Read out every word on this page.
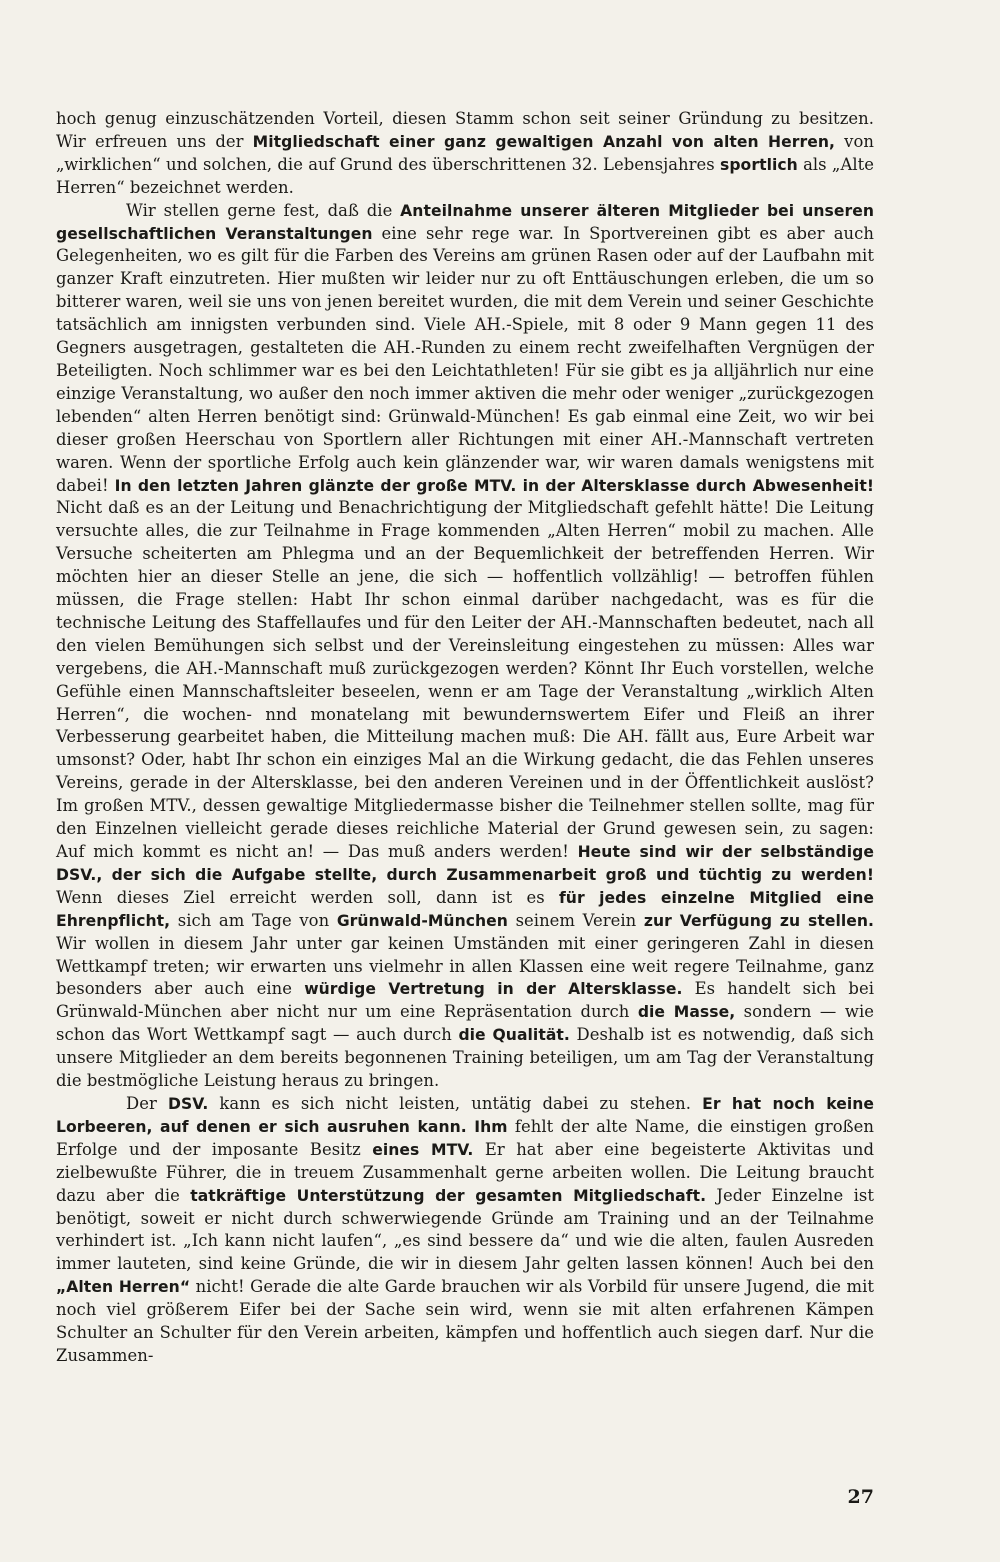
hoch genug einzuschätzenden Vorteil, diesen Stamm schon seit seiner Gründung zu besitzen. Wir erfreuen uns der Mitgliedschaft einer ganz gewaltigen Anzahl von alten Herren, von „wirklichen“ und solchen, die auf Grund des überschrittenen 32. Lebensjahres sportlich als „Alte Herren“ bezeichnet werden.

Wir stellen gerne fest, daß die Anteilnahme unserer älteren Mitglieder bei unseren gesellschaftlichen Veranstaltungen eine sehr rege war. In Sportvereinen gibt es aber auch Gelegenheiten, wo es gilt für die Farben des Vereins am grünen Rasen oder auf der Laufbahn mit ganzer Kraft einzutreten. Hier mußten wir leider nur zu oft Enttäuschungen erleben, die um so bitterer waren, weil sie uns von jenen bereitet wurden, die mit dem Verein und seiner Geschichte tatsächlich am innigsten verbunden sind. Viele AH.-Spiele, mit 8 oder 9 Mann gegen 11 des Gegners ausgetragen, gestalteten die AH.-Runden zu einem recht zweifelhaften Vergnügen der Beteiligten. Noch schlimmer war es bei den Leichtathleten! Für sie gibt es ja alljährlich nur eine einzige Veranstaltung, wo außer den noch immer aktiven die mehr oder weniger „zurückgezogen lebenden“ alten Herren benötigt sind: Grünwald-München! Es gab einmal eine Zeit, wo wir bei dieser großen Heerschau von Sportlern aller Richtungen mit einer AH.-Mannschaft vertreten waren. Wenn der sportliche Erfolg auch kein glänzender war, wir waren damals wenigstens mit dabei! In den letzten Jahren glänzte der große MTV. in der Altersklasse durch Abwesenheit! Nicht daß es an der Leitung und Benachrichtigung der Mitgliedschaft gefehlt hätte! Die Leitung versuchte alles, die zur Teilnahme in Frage kommenden „Alten Herren“ mobil zu machen. Alle Versuche scheiterten am Phlegma und an der Bequemlichkeit der betreffenden Herren. Wir möchten hier an dieser Stelle an jene, die sich — hoffentlich vollzählig! — betroffen fühlen müssen, die Frage stellen: Habt Ihr schon einmal darüber nachgedacht, was es für die technische Leitung des Staffellaufes und für den Leiter der AH.-Mannschaften bedeutet, nach all den vielen Bemühungen sich selbst und der Vereinsleitung eingestehen zu müssen: Alles war vergebens, die AH.-Mannschaft muß zurückgezogen werden? Könnt Ihr Euch vorstellen, welche Gefühle einen Mannschaftsleiter beseelen, wenn er am Tage der Veranstaltung „wirklich Alten Herren“, die wochen- nnd monatelang mit bewundernswertem Eifer und Fleiß an ihrer Verbesserung gearbeitet haben, die Mitteilung machen muß: Die AH. fällt aus, Eure Arbeit war umsonst? Oder, habt Ihr schon ein einziges Mal an die Wirkung gedacht, die das Fehlen unseres Vereins, gerade in der Altersklasse, bei den anderen Vereinen und in der Öffentlichkeit auslöst? Im großen MTV., dessen gewaltige Mitgliedermasse bisher die Teilnehmer stellen sollte, mag für den Einzelnen vielleicht gerade dieses reichliche Material der Grund gewesen sein, zu sagen: Auf mich kommt es nicht an! — Das muß anders werden! Heute sind wir der selbständige DSV., der sich die Aufgabe stellte, durch Zusammenarbeit groß und tüchtig zu werden! Wenn dieses Ziel erreicht werden soll, dann ist es für jedes einzelne Mitglied eine Ehrenpflicht, sich am Tage von Grünwald-München seinem Verein zur Verfügung zu stellen. Wir wollen in diesem Jahr unter gar keinen Umständen mit einer geringeren Zahl in diesen Wettkampf treten; wir erwarten uns vielmehr in allen Klassen eine weit regere Teilnahme, ganz besonders aber auch eine würdige Vertretung in der Altersklasse. Es handelt sich bei Grünwald-München aber nicht nur um eine Repräsentation durch die Masse, sondern — wie schon das Wort Wettkampf sagt — auch durch die Qualität. Deshalb ist es notwendig, daß sich unsere Mitglieder an dem bereits begonnenen Training beteiligen, um am Tag der Veranstaltung die bestmögliche Leistung heraus zu bringen.

Der DSV. kann es sich nicht leisten, untätig dabei zu stehen. Er hat noch keine Lorbeeren, auf denen er sich ausruhen kann. Ihm fehlt der alte Name, die einstigen großen Erfolge und der imposante Besitz eines MTV. Er hat aber eine begeisterte Aktivitas und zielbewußte Führer, die in treuem Zusammenhalt gerne arbeiten wollen. Die Leitung braucht dazu aber die tatkräftige Unterstützung der gesamten Mitgliedschaft. Jeder Einzelne ist benötigt, soweit er nicht durch schwerwiegende Gründe am Training und an der Teilnahme verhindert ist. „Ich kann nicht laufen“, „es sind bessere da“ und wie die alten, faulen Ausreden immer lauteten, sind keine Gründe, die wir in diesem Jahr gelten lassen können! Auch bei den „Alten Herren“ nicht! Gerade die alte Garde brauchen wir als Vorbild für unsere Jugend, die mit noch viel größerem Eifer bei der Sache sein wird, wenn sie mit alten erfahrenen Kämpen Schulter an Schulter für den Verein arbeiten, kämpfen und hoffentlich auch siegen darf. Nur die Zusammen-

27
